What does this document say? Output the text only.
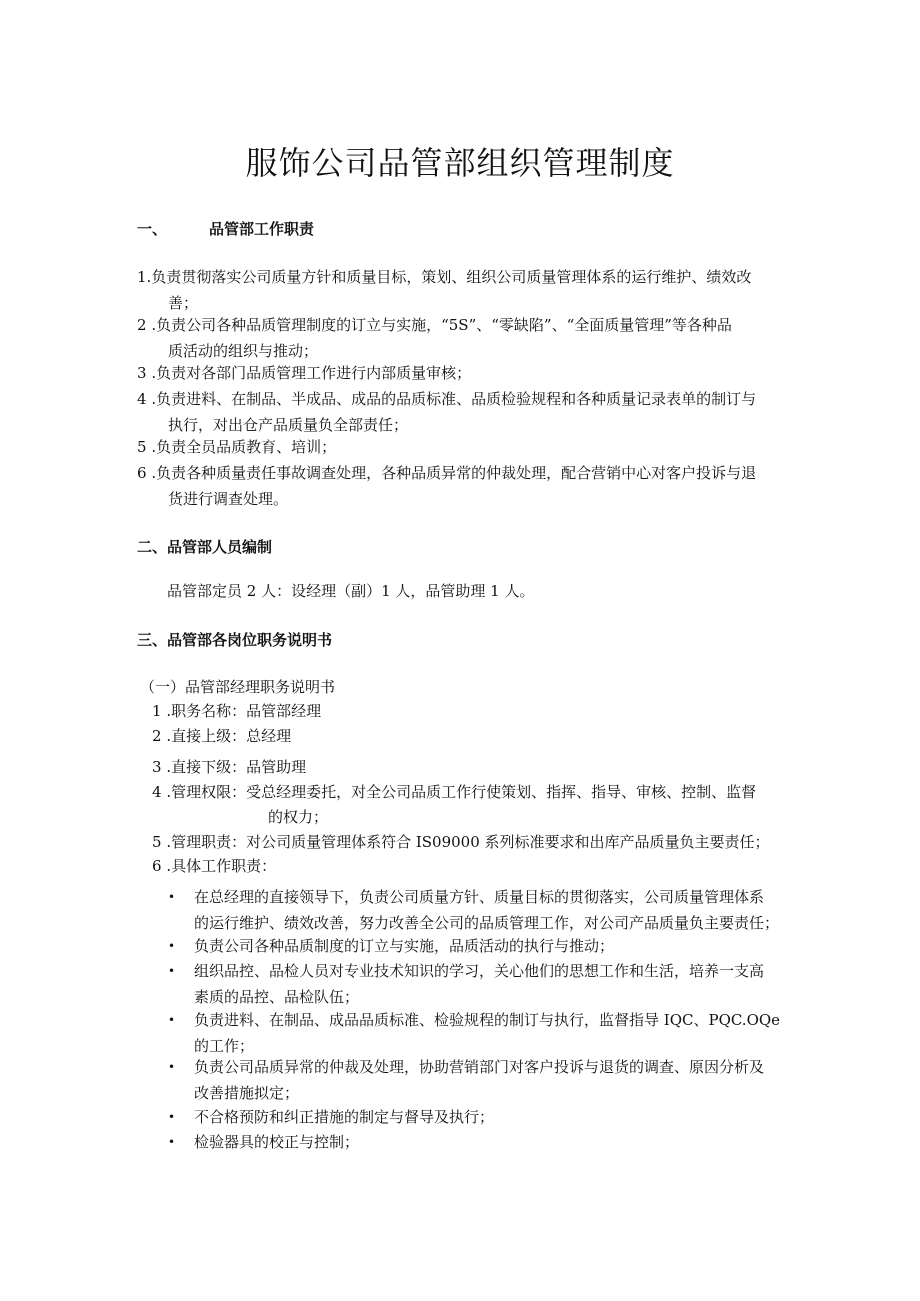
服饰公司品管部组织管理制度
一、	品管部工作职责
1.负责贯彻落实公司质量方针和质量目标，策划、组织公司质量管理体系的运行维护、绩效改
善；
2 .负责公司各种品质管理制度的订立与实施，“5S”、“零缺陷”、“全面质量管理”等各种品
质活动的组织与推动；
3 .负责对各部门品质管理工作进行内部质量审核；
4 .负责进料、在制品、半成品、成品的品质标准、品质检验规程和各种质量记录表单的制订与
执行，对出仓产品质量负全部责任；
5 .负责全员品质教育、培训；
6 .负责各种质量责任事故调查处理，各种品质异常的仲裁处理，配合营销中心对客户投诉与退
货进行调查处理。
二、品管部人员编制
品管部定员 2 人：设经理（副）1 人，品管助理 1 人。
三、品管部各岗位职务说明书
（一）品管部经理职务说明书
1 .职务名称：品管部经理
2 .直接上级：总经理
3 .直接下级：品管助理
4 .管理权限：受总经理委托，对全公司品质工作行使策划、指挥、指导、审核、控制、监督
的权力；
5 .管理职责：对公司质量管理体系符合 IS09000 系列标准要求和出库产品质量负主要责任；
6 .具体工作职责：
• 在总经理的直接领导下，负责公司质量方针、质量目标的贯彻落实，公司质量管理体系
的运行维护、绩效改善，努力改善全公司的品质管理工作，对公司产品质量负主要责任；
• 负责公司各种品质制度的订立与实施，品质活动的执行与推动；
• 组织品控、品检人员对专业技术知识的学习，关心他们的思想工作和生活，培养一支高
素质的品控、品检队伍；
• 负责进料、在制品、成品品质标准、检验规程的制订与执行，监督指导 IQC、PQC.OQe
的工作；
• 负责公司品质异常的仲裁及处理，协助营销部门对客户投诉与退货的调查、原因分析及
改善措施拟定；
• 不合格预防和纠正措施的制定与督导及执行；
• 检验器具的校正与控制；
